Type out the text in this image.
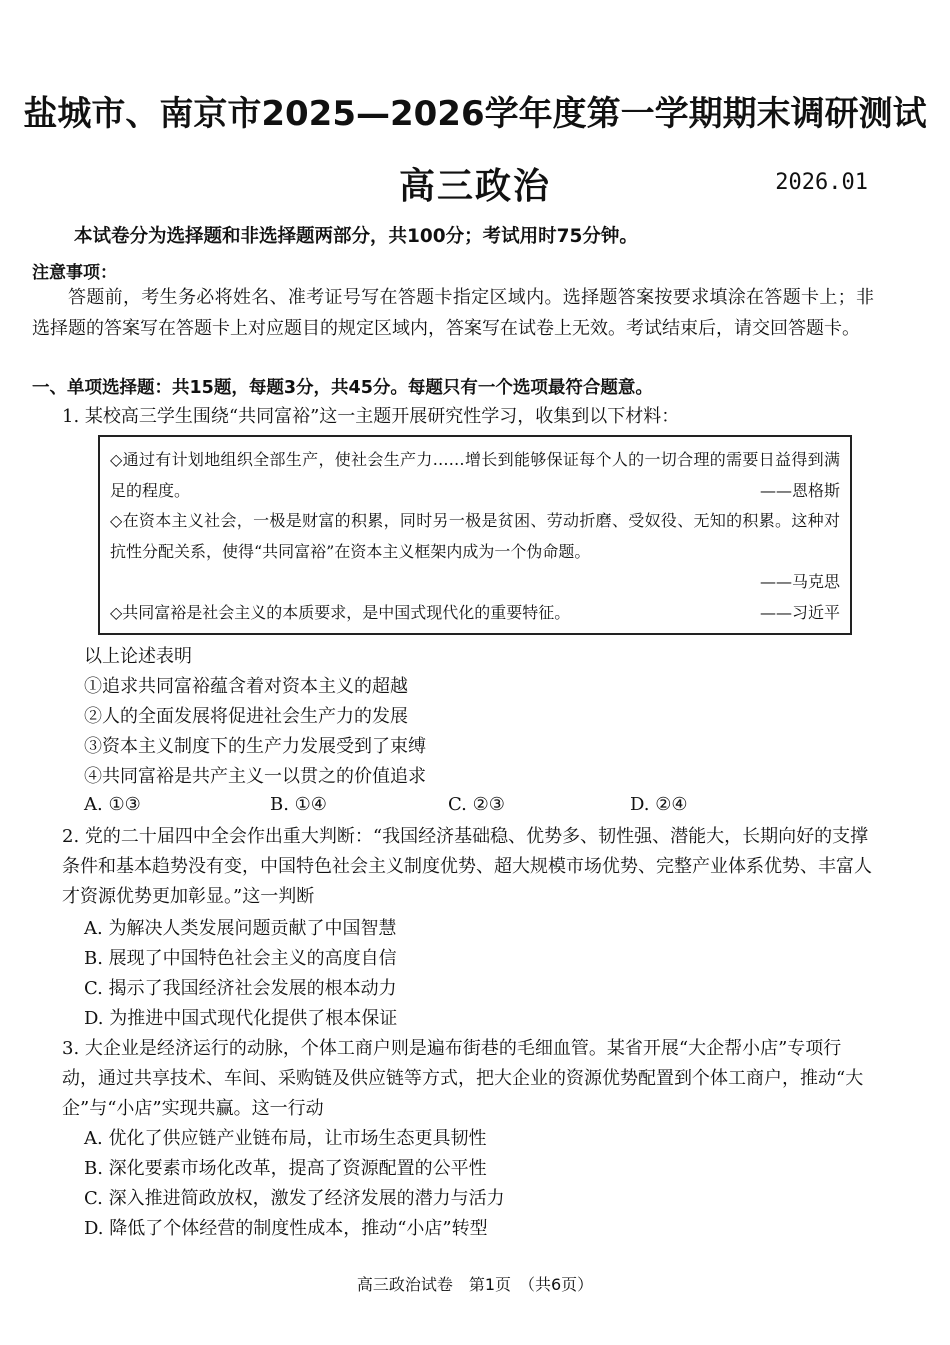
盐城市、南京市2025—2026学年度第一学期期末调研测试
高三政治	2026.01
本试卷分为选择题和非选择题两部分，共100分；考试用时75分钟。
注意事项：
答题前，考生务必将姓名、准考证号写在答题卡指定区域内。选择题答案按要求填涂在答题卡上；非选择题的答案写在答题卡上对应题目的规定区域内，答案写在试卷上无效。考试结束后，请交回答题卡。
一、单项选择题：共15题，每题3分，共45分。每题只有一个选项最符合题意。
1. 某校高三学生围绕“共同富裕”这一主题开展研究性学习，收集到以下材料：
◇通过有计划地组织全部生产，使社会生产力……增长到能够保证每个人的一切合理的需要日益得到满足的程度。	——恩格斯
◇在资本主义社会，一极是财富的积累，同时另一极是贫困、劳动折磨、受奴役、无知的积累。这种对抗性分配关系，使得“共同富裕”在资本主义框架内成为一个伪命题。
——马克思
◇共同富裕是社会主义的本质要求，是中国式现代化的重要特征。	——习近平
以上论述表明
①追求共同富裕蕴含着对资本主义的超越
②人的全面发展将促进社会生产力的发展
③资本主义制度下的生产力发展受到了束缚
④共同富裕是共产主义一以贯之的价值追求
A. ①③	B. ①④	C. ②③	D. ②④
2. 党的二十届四中全会作出重大判断：“我国经济基础稳、优势多、韧性强、潜能大，长期向好的支撑条件和基本趋势没有变，中国特色社会主义制度优势、超大规模市场优势、完整产业体系优势、丰富人才资源优势更加彰显。”这一判断
A. 为解决人类发展问题贡献了中国智慧
B. 展现了中国特色社会主义的高度自信
C. 揭示了我国经济社会发展的根本动力
D. 为推进中国式现代化提供了根本保证
3. 大企业是经济运行的动脉，个体工商户则是遍布街巷的毛细血管。某省开展“大企帮小店”专项行动，通过共享技术、车间、采购链及供应链等方式，把大企业的资源优势配置到个体工商户，推动“大企”与“小店”实现共赢。这一行动
A. 优化了供应链产业链布局，让市场生态更具韧性
B. 深化要素市场化改革，提高了资源配置的公平性
C. 深入推进简政放权，激发了经济发展的潜力与活力
D. 降低了个体经营的制度性成本，推动“小店”转型
高三政治试卷　第1页　（共6页）
